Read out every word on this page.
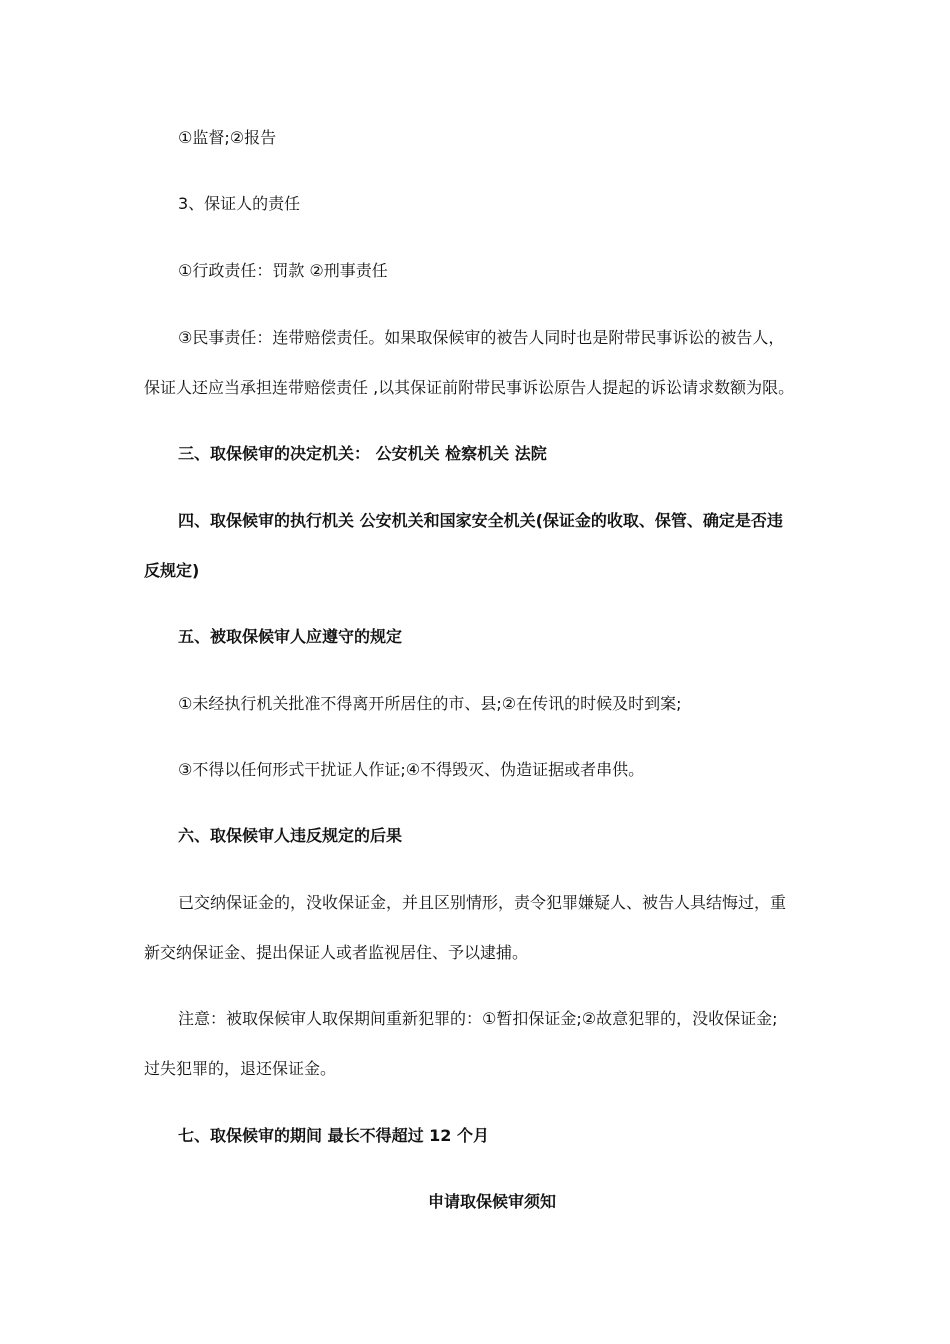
①监督;②报告
3、保证人的责任
①行政责任：罚款 ②刑事责任
③民事责任：连带赔偿责任。如果取保候审的被告人同时也是附带民事诉讼的被告人，
保证人还应当承担连带赔偿责任 ,以其保证前附带民事诉讼原告人提起的诉讼请求数额为限。
三、取保候审的决定机关： 公安机关 检察机关 法院
四、取保候审的执行机关 公安机关和国家安全机关(保证金的收取、保管、确定是否违
反规定)
五、被取保候审人应遵守的规定
①未经执行机关批准不得离开所居住的市、县;②在传讯的时候及时到案;
③不得以任何形式干扰证人作证;④不得毁灭、伪造证据或者串供。
六、取保候审人违反规定的后果
已交纳保证金的，没收保证金，并且区别情形，责令犯罪嫌疑人、被告人具结悔过，重
新交纳保证金、提出保证人或者监视居住、予以逮捕。
注意：被取保候审人取保期间重新犯罪的：①暂扣保证金;②故意犯罪的，没收保证金;
过失犯罪的，退还保证金。
七、取保候审的期间 最长不得超过 12 个月
申请取保候审须知
